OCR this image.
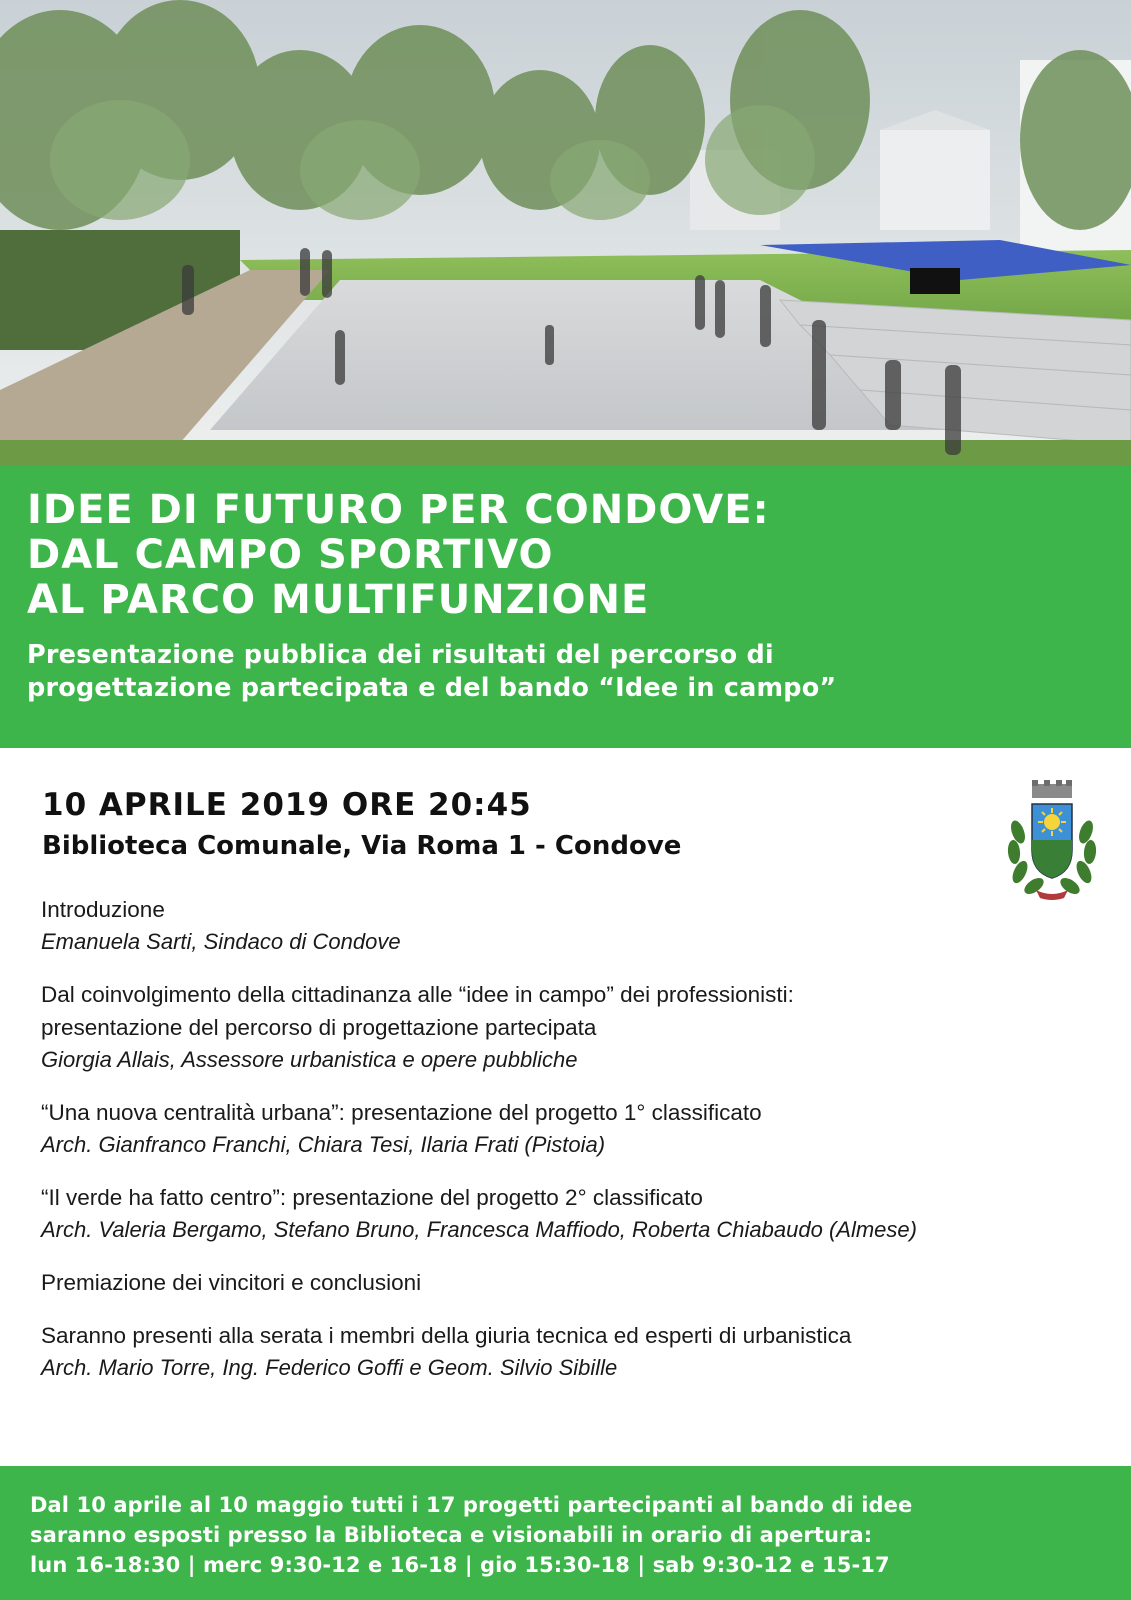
IDEE DI FUTURO PER CONDOVE:
DAL CAMPO SPORTIVO
AL PARCO MULTIFUNZIONE

Presentazione pubblica dei risultati del percorso di
progettazione partecipata e del bando “Idee in campo”

10 APRILE 2019 ORE 20:45

Biblioteca Comunale, Via Roma 1 - Condove

Introduzione
Emanuela Sarti, Sindaco di Condove
Dal coinvolgimento della cittadinanza alle “idee in campo” dei professionisti:
presentazione del percorso di progettazione partecipata
Giorgia Allais, Assessore urbanistica e opere pubbliche
“Una nuova centralità urbana”: presentazione del progetto 1° classificato
Arch. Gianfranco Franchi, Chiara Tesi, Ilaria Frati (Pistoia)
“Il verde ha fatto centro”: presentazione del progetto 2° classificato
Arch. Valeria Bergamo, Stefano Bruno, Francesca Maffiodo, Roberta Chiabaudo (Almese)
Premiazione dei vincitori e conclusioni
Saranno presenti alla serata i membri della giuria tecnica ed esperti di urbanistica
Arch. Mario Torre, Ing. Federico Goffi e Geom. Silvio Sibille
Dal 10 aprile al 10 maggio tutti i 17 progetti partecipanti al bando di idee
saranno esposti presso la Biblioteca e visionabili in orario di apertura:
lun 16-18:30 | merc 9:30-12 e 16-18 | gio 15:30-18 | sab 9:30-12 e 15-17
